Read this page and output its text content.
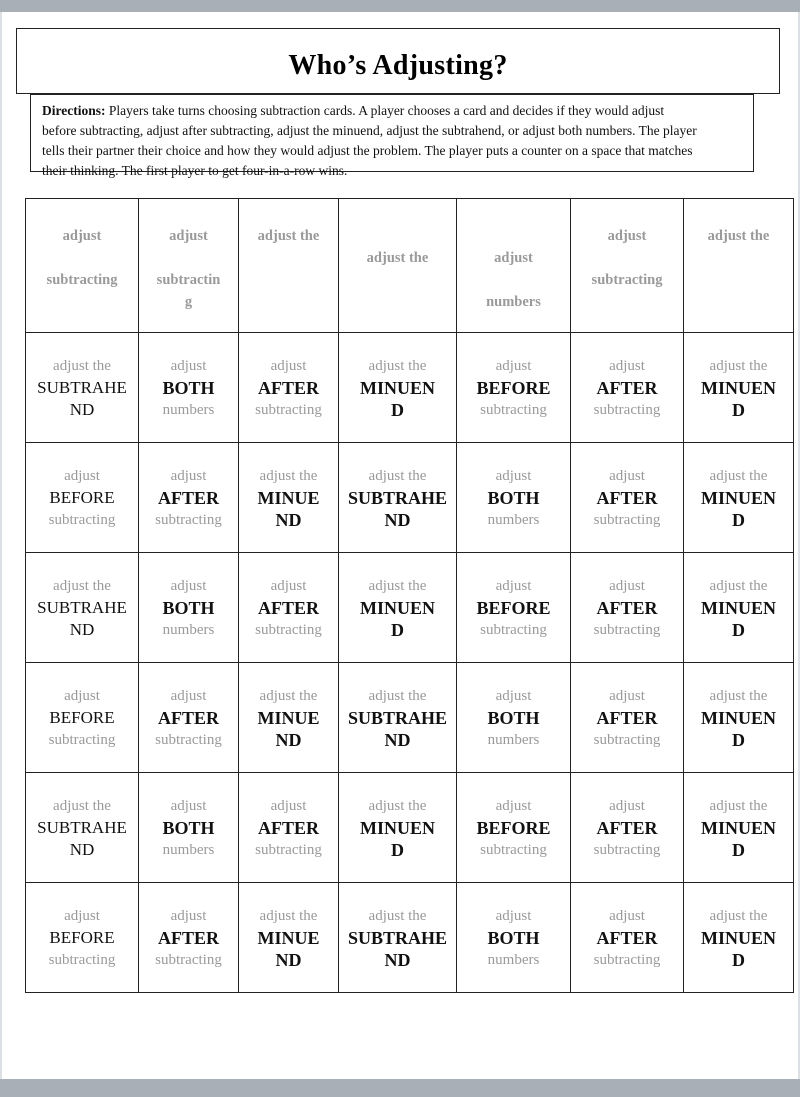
Who’s Adjusting?
Directions: Players take turns choosing subtraction cards. A player chooses a card and decides if they would adjust
before subtracting, adjust after subtracting, adjust the minuend, adjust the subtrahend, or adjust both numbers. The player
tells their partner their choice and how they would adjust the problem. The player puts a counter on a space that matches
their thinking. The first player to get four-in-a-row wins.
adjust

subtracting	adjust

subtractin
g	adjust the	adjust the	adjust

numbers	adjust

subtracting	adjust the

adjust the
SUBTRAHE
ND	adjust
BOTH
numbers	adjust
AFTER
subtracting	adjust the
MINUEN
D	adjust
BEFORE
subtracting	adjust
AFTER
subtracting	adjust the
MINUEN
D

adjust
BEFORE
subtracting	adjust
AFTER
subtracting	adjust the
MINUE
ND	adjust the
SUBTRAHE
ND	adjust
BOTH
numbers	adjust
AFTER
subtracting	adjust the
MINUEN
D

adjust the
SUBTRAHE
ND	adjust
BOTH
numbers	adjust
AFTER
subtracting	adjust the
MINUEN
D	adjust
BEFORE
subtracting	adjust
AFTER
subtracting	adjust the
MINUEN
D

adjust
BEFORE
subtracting	adjust
AFTER
subtracting	adjust the
MINUE
ND	adjust the
SUBTRAHE
ND	adjust
BOTH
numbers	adjust
AFTER
subtracting	adjust the
MINUEN
D

adjust the
SUBTRAHE
ND	adjust
BOTH
numbers	adjust
AFTER
subtracting	adjust the
MINUEN
D	adjust
BEFORE
subtracting	adjust
AFTER
subtracting	adjust the
MINUEN
D

adjust
BEFORE
subtracting	adjust
AFTER
subtracting	adjust the
MINUE
ND	adjust the
SUBTRAHE
ND	adjust
BOTH
numbers	adjust
AFTER
subtracting	adjust the
MINUEN
D
